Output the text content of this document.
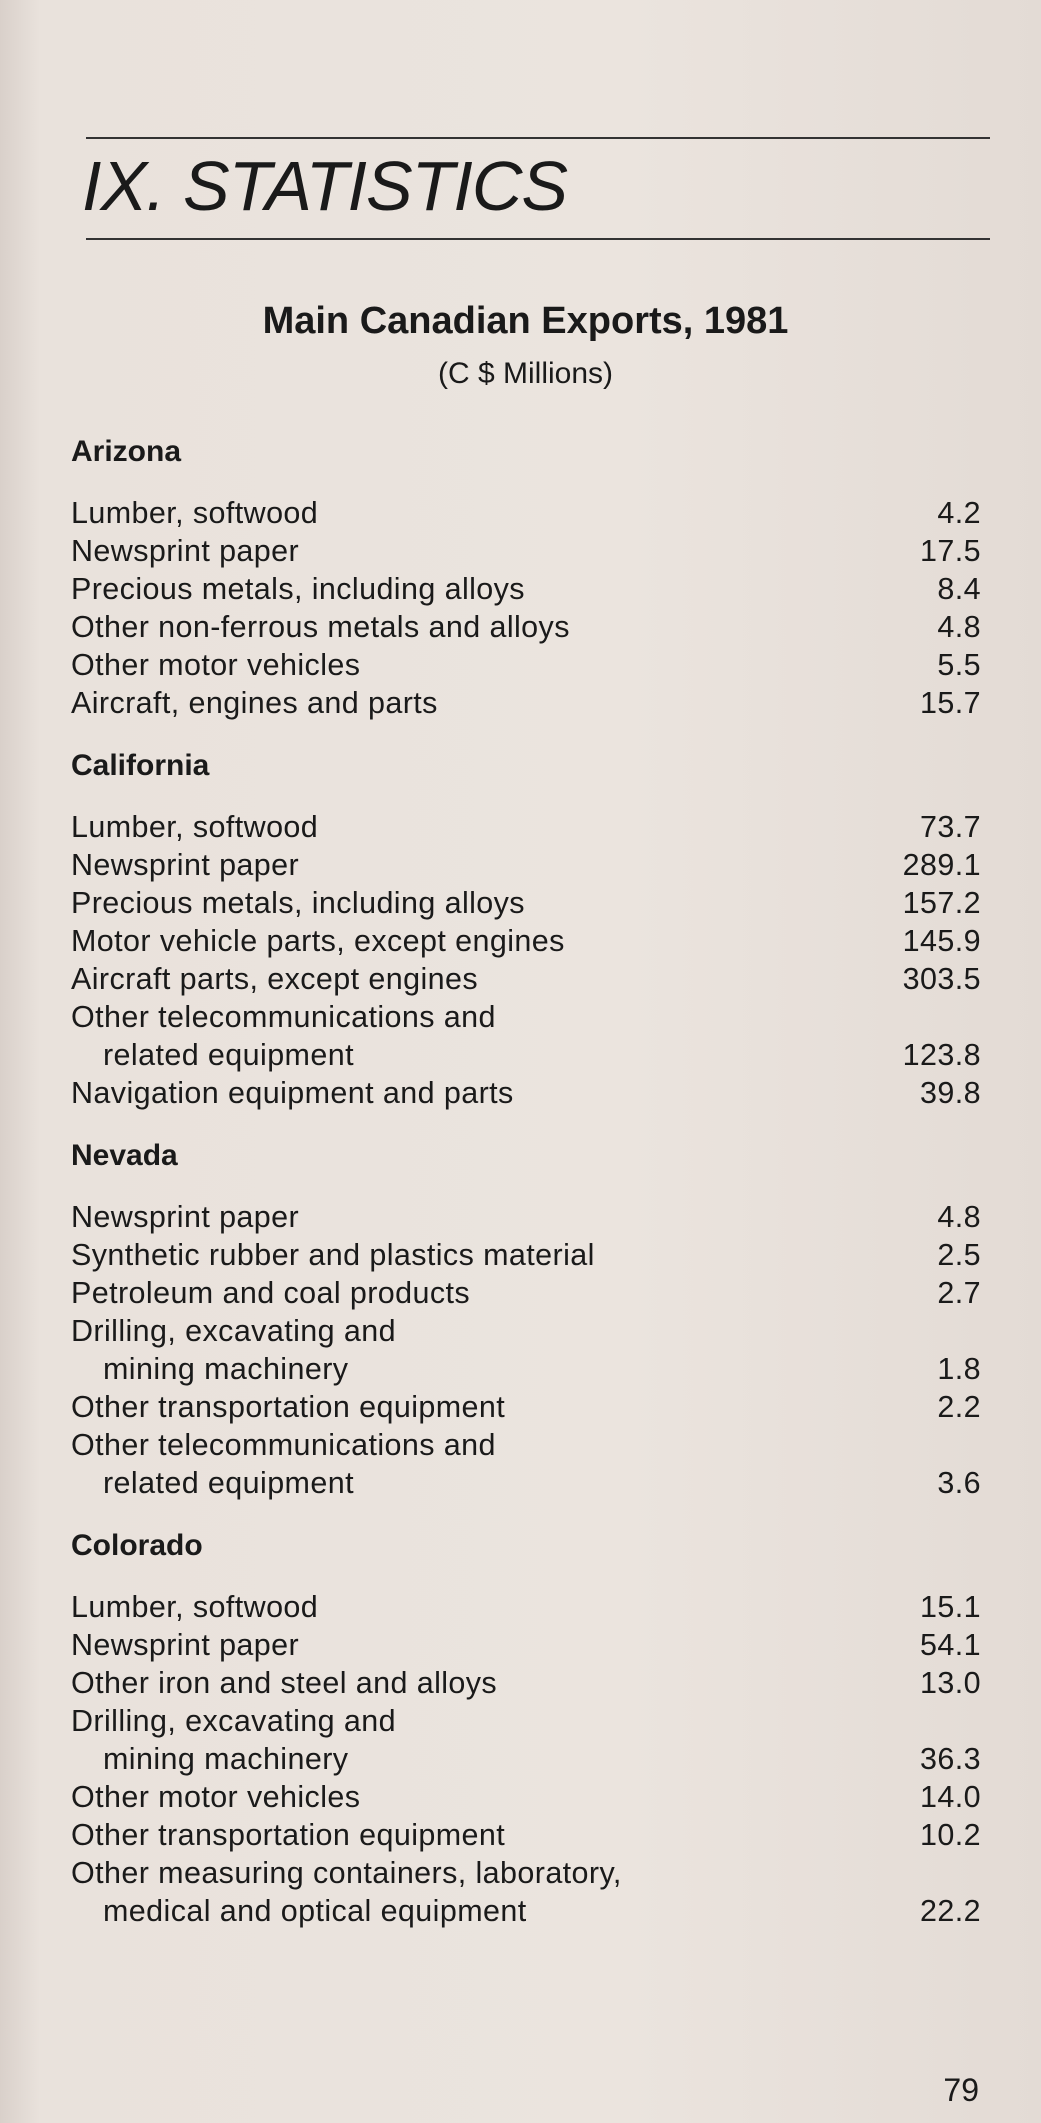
IX. STATISTICS
Main Canadian Exports, 1981
(C $ Millions)
Arizona
Lumber, softwood	4.2
Newsprint paper	17.5
Precious metals, including alloys	8.4
Other non-ferrous metals and alloys	4.8
Other motor vehicles	5.5
Aircraft, engines and parts	15.7
California
Lumber, softwood	73.7
Newsprint paper	289.1
Precious metals, including alloys	157.2
Motor vehicle parts, except engines	145.9
Aircraft parts, except engines	303.5
Other telecommunications and
related equipment	123.8
Navigation equipment and parts	39.8
Nevada
Newsprint paper	4.8
Synthetic rubber and plastics material	2.5
Petroleum and coal products	2.7
Drilling, excavating and
mining machinery	1.8
Other transportation equipment	2.2
Other telecommunications and
related equipment	3.6
Colorado
Lumber, softwood	15.1
Newsprint paper	54.1
Other iron and steel and alloys	13.0
Drilling, excavating and
mining machinery	36.3
Other motor vehicles	14.0
Other transportation equipment	10.2
Other measuring containers, laboratory,
medical and optical equipment	22.2
79
